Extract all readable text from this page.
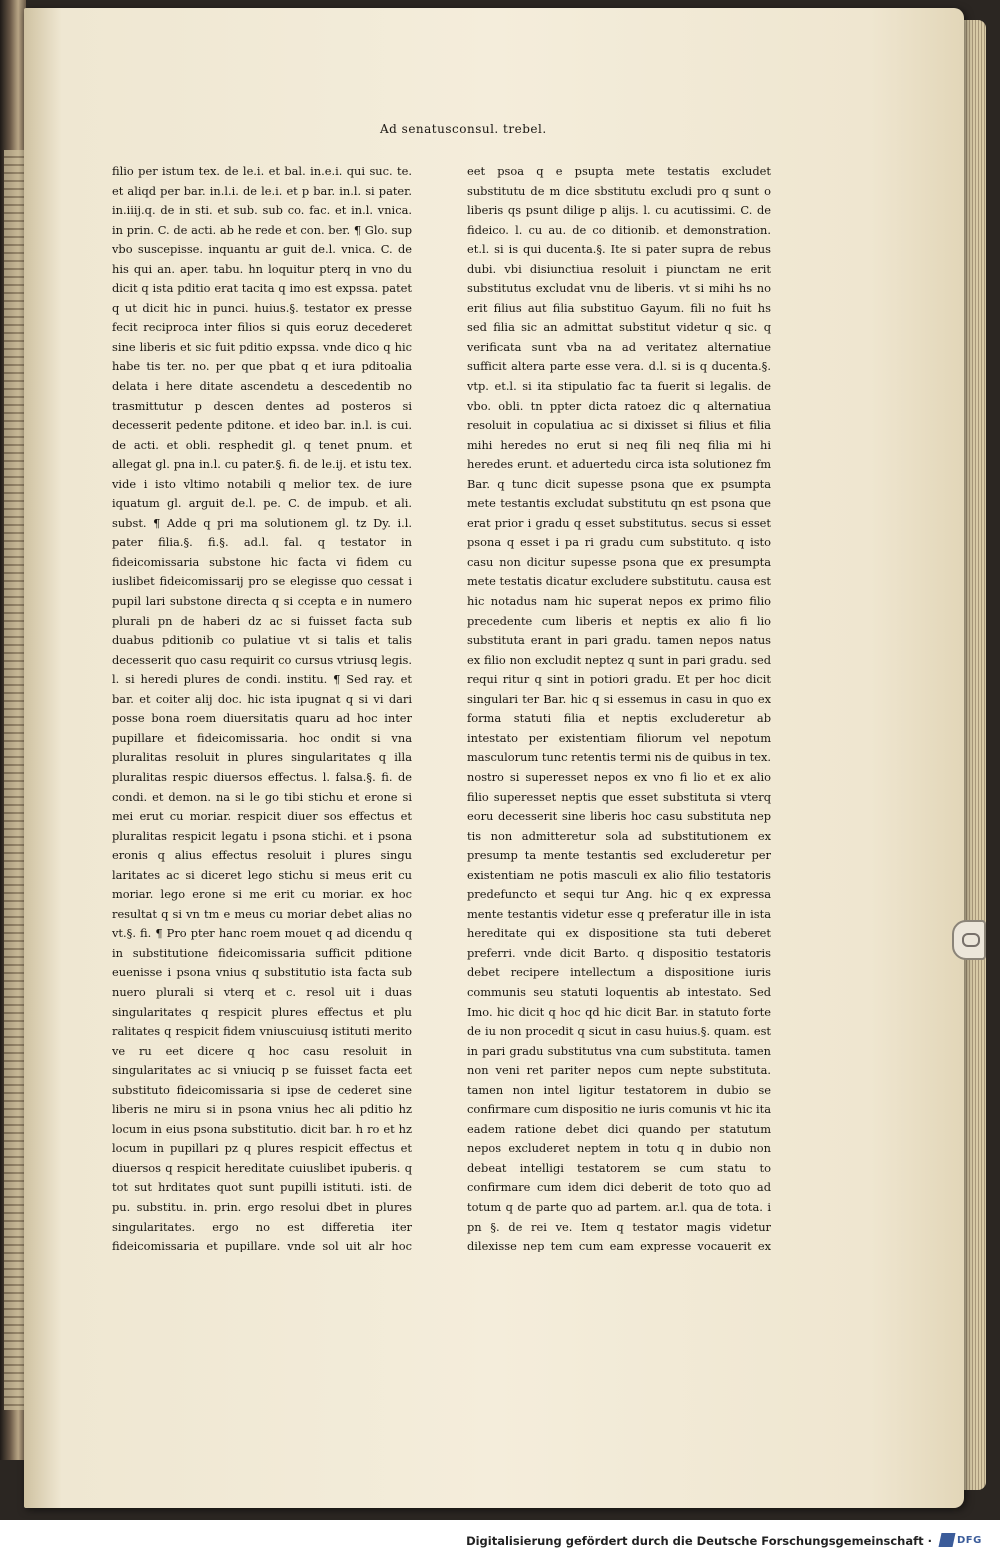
Ad senatusconsul. trebel.

filio per istum tex. de le.i. et bal. in.e.i. qui suc. te. et aliqd per bar. in.l.i. de le.i. et p bar. in.l. si pater. in.iiij.q. de in sti. et sub. sub co. fac. et in.l. vnica. in prin. C. de acti. ab he rede et con. ber. ¶ Glo. sup vbo suscepisse. inquantu ar guit de.l. vnica. C. de his qui an. aper. tabu. hn loquitur pterq in vno du dicit q ista pditio erat tacita q imo est expssa. patet q ut dicit hic in punci. huius.§. testator ex presse fecit reciproca inter filios si quis eoruz decederet sine liberis et sic fuit pditio expssa. vnde dico q hic habe tis ter. no. per que pbat q et iura pditoalia delata i here ditate ascendetu a descedentib no trasmittutur p descen dentes ad posteros si decesserit pedente pditone. et ideo bar. in.l. is cui. de acti. et obli. resphedit gl. q tenet pnum. et allegat gl. pna in.l. cu pater.§. fi. de le.ij. et istu tex. vide i isto vltimo notabili q melior tex. de iure iquatum gl. arguit de.l. pe. C. de impub. et ali. subst. ¶ Adde q pri ma solutionem gl. tz Dy. i.l. pater filia.§. fi.§. ad.l. fal. q testator in fideicomissaria substone hic facta vi fidem cu iuslibet fideicomissarij pro se elegisse quo cessat i pupil lari substone directa q si ccepta e in numero plurali pn de haberi dz ac si fuisset facta sub duabus pditionib co pulatiue vt si talis et talis decesserit quo casu requirit co cursus vtriusq legis. l. si heredi plures de condi. institu. ¶ Sed ray. et bar. et coiter alij doc. hic ista ipugnat q si vi dari posse bona roem diuersitatis quaru ad hoc inter pupillare et fideicomissaria. hoc ondit si vna pluralitas resoluit in plures singularitates q illa pluralitas respic diuersos effectus. l. falsa.§. fi. de condi. et demon. na si le go tibi stichu et erone si mei erut cu moriar. respicit diuer sos effectus et pluralitas respicit legatu i psona stichi. et i psona eronis q alius effectus resoluit i plures singu laritates ac si diceret lego stichu si meus erit cu moriar. lego erone si me erit cu moriar. ex hoc resultat q si vn tm e meus cu moriar debet alias no vt.§. fi. ¶ Pro pter hanc roem mouet q ad dicendu q in substitutione fideicomissaria sufficit pditione euenisse i psona vnius q substitutio ista facta sub nuero plurali si vterq et c. resol uit i duas singularitates q respicit plures effectus et plu ralitates q respicit fidem vniuscuiusq istituti merito ve ru eet dicere q hoc casu resoluit in singularitates ac si vniuciq p se fuisset facta eet substituto fideicomissaria si ipse de cederet sine liberis ne miru si in psona vnius hec ali pditio hz locum in eius psona substitutio. dicit bar. h ro et hz locum in pupillari pz q plures respicit effectus et diuersos q respicit hereditate cuiuslibet ipuberis. q tot sut hrditates quot sunt pupilli istituti. isti. de pu. substitu. in. prin. ergo resolui dbet in plures singularitates. ergo no est differetia iter fideicomissaria et pupillare. vnde sol uit alr hoc

eet psoa q e psupta mete testatis excludet substitutu de m dice sbstitutu excludi pro q sunt o liberis qs psunt dilige p alijs. l. cu acutissimi. C. de fideico. l. cu au. de co ditionib. et demonstration. et.l. si is qui ducenta.§. Ite si pater supra de rebus dubi. vbi disiunctiua resoluit i piunctam ne erit substitutus excludat vnu de liberis. vt si mihi hs no erit filius aut filia substituo Gayum. fili no fuit hs sed filia sic an admittat substitut videtur q sic. q verificata sunt vba na ad veritatez alternatiue sufficit altera parte esse vera. d.l. si is q ducenta.§. vtp. et.l. si ita stipulatio fac ta fuerit si legalis. de vbo. obli. tn ppter dicta ratoez dic q alternatiua resoluit in copulatiua ac si dixisset si filius et filia mihi heredes no erut si neq fili neq filia mi hi heredes erunt. et aduertedu circa ista solutionez fm Bar. q tunc dicit supesse psona que ex psumpta mete testantis excludat substitutu qn est psona que erat prior i gradu q esset substitutus. secus si esset psona q esset i pa ri gradu cum substituto. q isto casu non dicitur supesse psona que ex presumpta mete testatis dicatur excludere substitutu. causa est hic notadus nam hic superat nepos ex primo filio precedente cum liberis et neptis ex alio fi lio substituta erant in pari gradu. tamen nepos natus ex filio non excludit neptez q sunt in pari gradu. sed requi ritur q sint in potiori gradu. Et per hoc dicit singulari ter Bar. hic q si essemus in casu in quo ex forma statuti filia et neptis excluderetur ab intestato per existentiam filiorum vel nepotum masculorum tunc retentis termi nis de quibus in tex. nostro si superesset nepos ex vno fi lio et ex alio filio superesset neptis que esset substituta si vterq eoru decesserit sine liberis hoc casu substituta nep tis non admitteretur sola ad substitutionem ex presump ta mente testantis sed excluderetur per existentiam ne potis masculi ex alio filio testatoris predefuncto et sequi tur Ang. hic q ex expressa mente testantis videtur esse q preferatur ille in ista hereditate qui ex dispositione sta tuti deberet preferri. vnde dicit Barto. q dispositio testatoris debet recipere intellectum a dispositione iuris communis seu statuti loquentis ab intestato. Sed Imo. hic dicit q hoc qd hic dicit Bar. in statuto forte de iu non procedit q sicut in casu huius.§. quam. est in pari gradu substitutus vna cum substituta. tamen non veni ret pariter nepos cum nepte substituta. tamen non intel ligitur testatorem in dubio se confirmare cum dispositio ne iuris comunis vt hic ita eadem ratione debet dici quando per statutum nepos excluderet neptem in totu q in dubio non debeat intelligi testatorem se cum statu to confirmare cum idem dici deberit de toto quo ad totum q de parte quo ad partem. ar.l. qua de tota. i pn §. de rei ve. Item q testator magis videtur dilexisse nep tem cum eam expresse vocauerit ex

Digitalisierung gefördert durch die Deutsche Forschungsgemeinschaft ·	DFG
